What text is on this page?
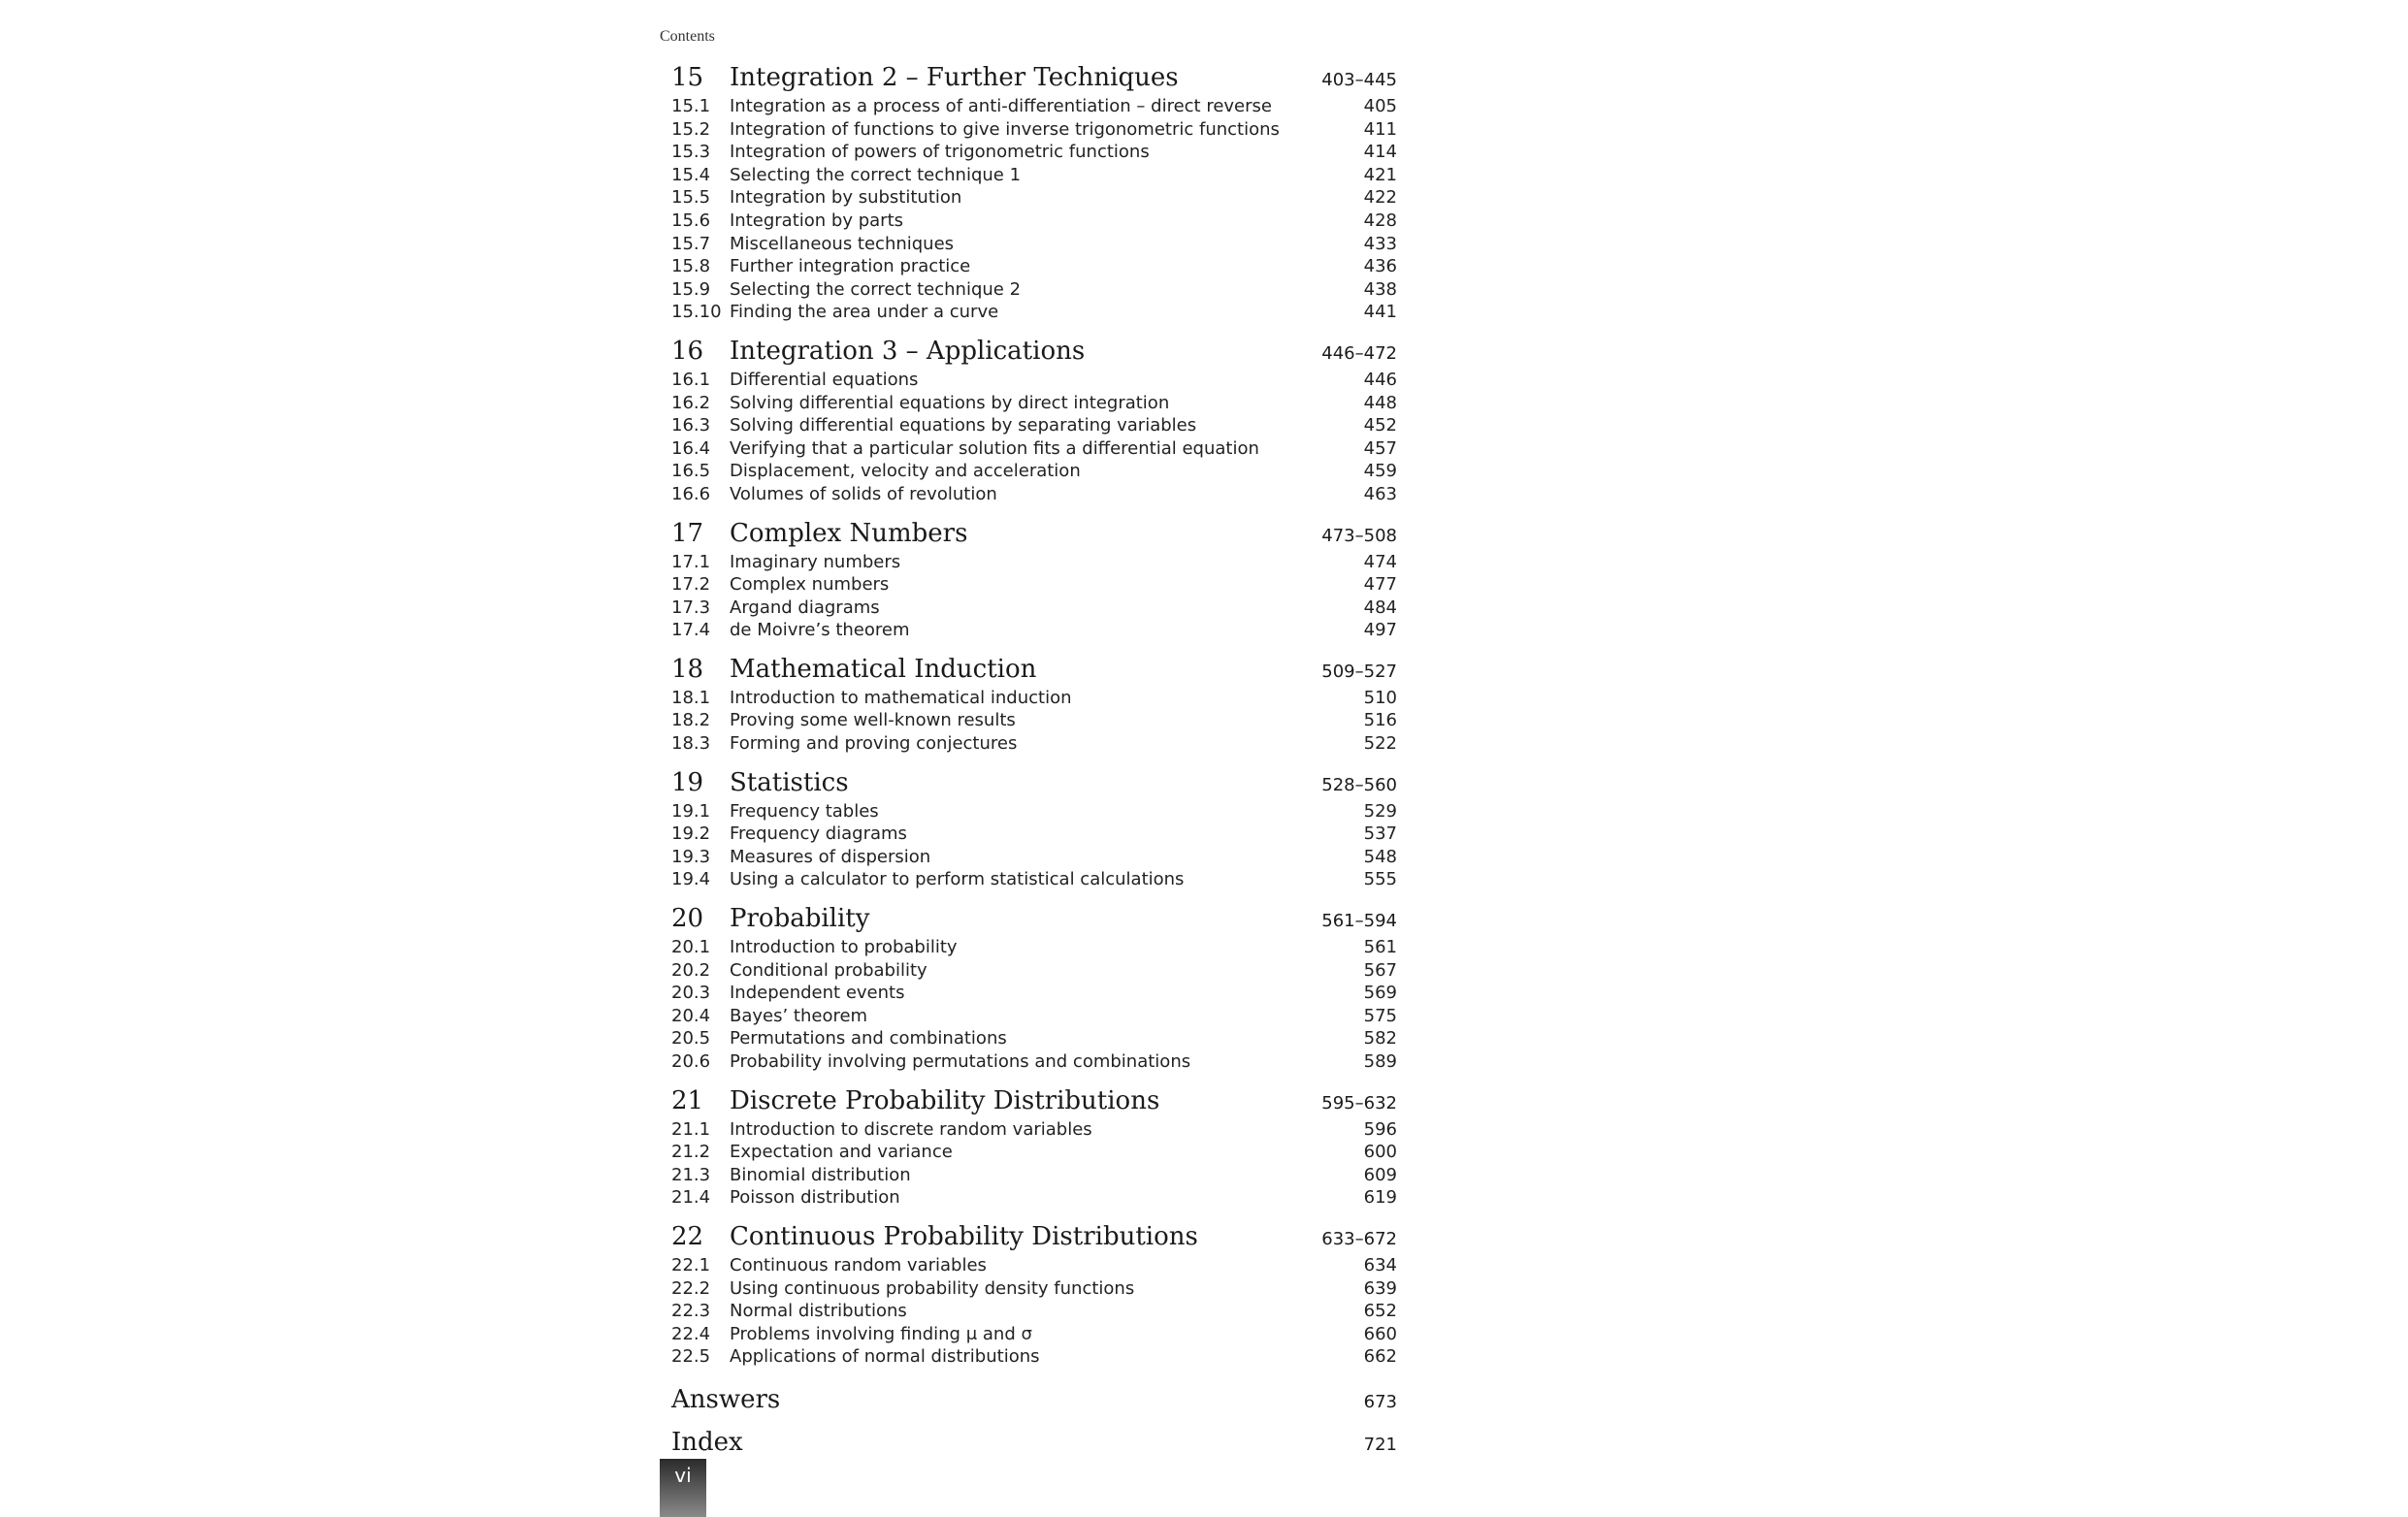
Contents
15 Integration 2 – Further Techniques	403–445
15.1 Integration as a process of anti-differentiation – direct reverse	405
15.2 Integration of functions to give inverse trigonometric functions	411
15.3 Integration of powers of trigonometric functions	414
15.4 Selecting the correct technique 1	421
15.5 Integration by substitution	422
15.6 Integration by parts	428
15.7 Miscellaneous techniques	433
15.8 Further integration practice	436
15.9 Selecting the correct technique 2	438
15.10 Finding the area under a curve	441
16 Integration 3 – Applications	446–472
16.1 Differential equations	446
16.2 Solving differential equations by direct integration	448
16.3 Solving differential equations by separating variables	452
16.4 Verifying that a particular solution fits a differential equation	457
16.5 Displacement, velocity and acceleration	459
16.6 Volumes of solids of revolution	463
17 Complex Numbers	473–508
17.1 Imaginary numbers	474
17.2 Complex numbers	477
17.3 Argand diagrams	484
17.4 de Moivre’s theorem	497
18 Mathematical Induction	509–527
18.1 Introduction to mathematical induction	510
18.2 Proving some well-known results	516
18.3 Forming and proving conjectures	522
19 Statistics	528–560
19.1 Frequency tables	529
19.2 Frequency diagrams	537
19.3 Measures of dispersion	548
19.4 Using a calculator to perform statistical calculations	555
20 Probability	561–594
20.1 Introduction to probability	561
20.2 Conditional probability	567
20.3 Independent events	569
20.4 Bayes’ theorem	575
20.5 Permutations and combinations	582
20.6 Probability involving permutations and combinations	589
21 Discrete Probability Distributions	595–632
21.1 Introduction to discrete random variables	596
21.2 Expectation and variance	600
21.3 Binomial distribution	609
21.4 Poisson distribution	619
22 Continuous Probability Distributions	633–672
22.1 Continuous random variables	634
22.2 Using continuous probability density functions	639
22.3 Normal distributions	652
22.4 Problems involving finding μ and σ	660
22.5 Applications of normal distributions	662
Answers	673
Index	721
vi
